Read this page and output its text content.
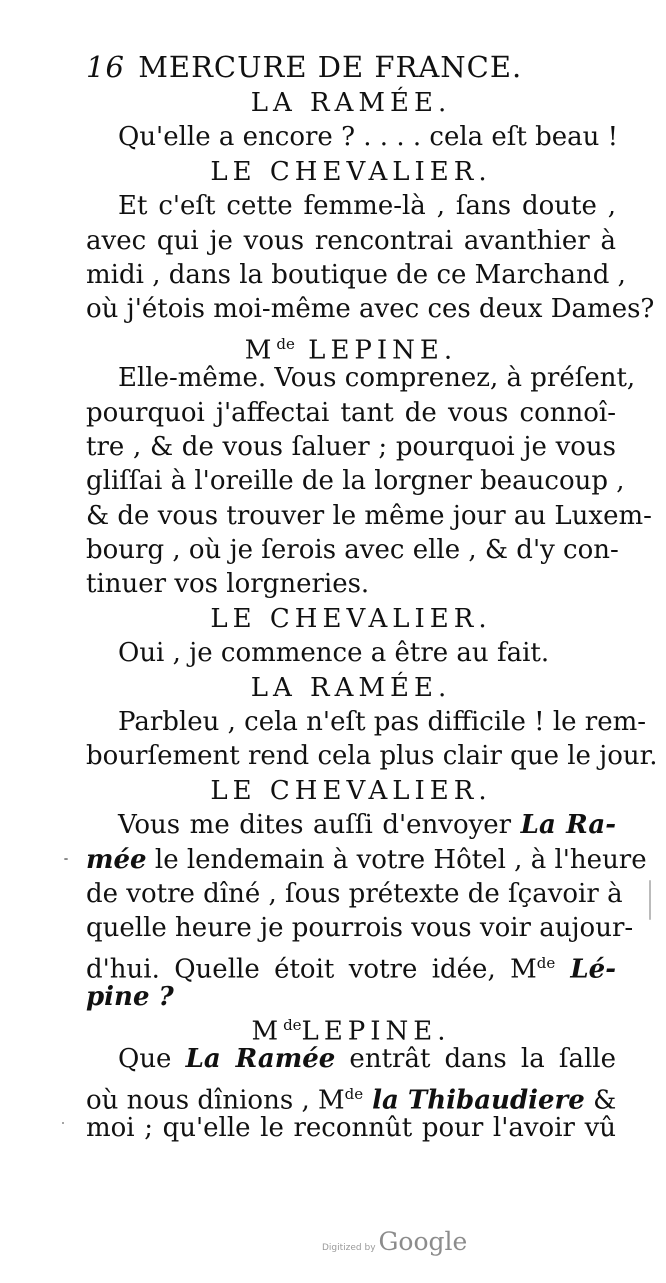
16 MERCURE DE FRANCE.
LA RAMÉE.
Qu'elle a encore ? . . . . cela eſt beau !
LE CHEVALIER.
Et c'eſt cette femme-là , ſans doute ,
avec qui je vous rencontrai avanthier à
midi , dans la boutique de ce Marchand ,
où j'étois moi-même avec ces deux Dames?
Mde LEPINE.
Elle-même. Vous comprenez, à préſent,
pourquoi j'affectai tant de vous connoî-
tre , & de vous ſaluer ; pourquoi je vous
gliſſai à l'oreille de la lorgner beaucoup ,
& de vous trouver le même jour au Luxem-
bourg , où je ſerois avec elle , & d'y con-
tinuer vos lorgneries.
LE CHEVALIER.
Oui , je commence a être au fait.
LA RAMÉE.
Parbleu , cela n'eſt pas difficile ! le rem-
bourſement rend cela plus clair que le jour.
LE CHEVALIER.
Vous me dites auſſi d'envoyer La Ra-
mée le lendemain à votre Hôtel , à l'heure
de votre dîné , ſous prétexte de ſçavoir à
quelle heure je pourrois vous voir aujour-
d'hui. Quelle étoit votre idée, Mde Lé-
pine ?
MdeLEPINE.
Que La Ramée entrât dans la ſalle
où nous dînions , Mde la Thibaudiere &
moi ; qu'elle le reconnût pour l'avoir vû
Digitized by Google
